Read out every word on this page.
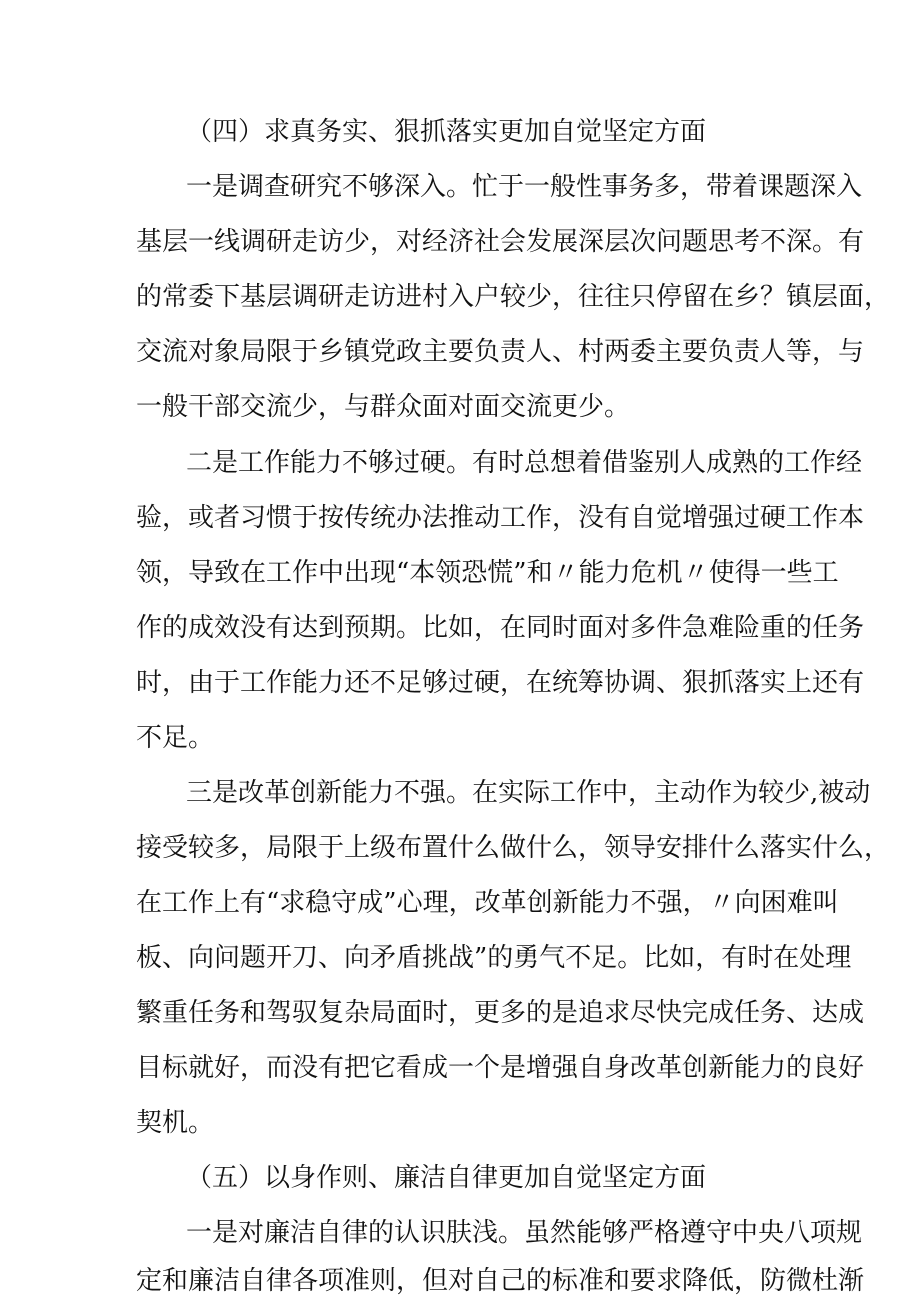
（四）求真务实、狠抓落实更加自觉坚定方面
一是调查研究不够深入。忙于一般性事务多，带着课题深入
基层一线调研走访少，对经济社会发展深层次问题思考不深。有
的常委下基层调研走访进村入户较少，往往只停留在乡？镇层面，
交流对象局限于乡镇党政主要负责人、村两委主要负责人等，与
一般干部交流少，与群众面对面交流更少。
二是工作能力不够过硬。有时总想着借鉴别人成熟的工作经
验，或者习惯于按传统办法推动工作，没有自觉增强过硬工作本
领，导致在工作中出现“本领恐慌”和〃能力危机〃使得一些工
作的成效没有达到预期。比如，在同时面对多件急难险重的任务
时，由于工作能力还不足够过硬，在统筹协调、狠抓落实上还有
不足。
三是改革创新能力不强。在实际工作中，主动作为较少,被动
接受较多，局限于上级布置什么做什么，领导安排什么落实什么，
在工作上有“求稳守成”心理，改革创新能力不强，〃向困难叫
板、向问题开刀、向矛盾挑战”的勇气不足。比如，有时在处理
繁重任务和驾驭复杂局面时，更多的是追求尽快完成任务、达成
目标就好，而没有把它看成一个是增强自身改革创新能力的良好
契机。
（五）以身作则、廉洁自律更加自觉坚定方面
一是对廉洁自律的认识肤浅。虽然能够严格遵守中央八项规
定和廉洁自律各项准则，但对自己的标准和要求降低，防微杜渐
